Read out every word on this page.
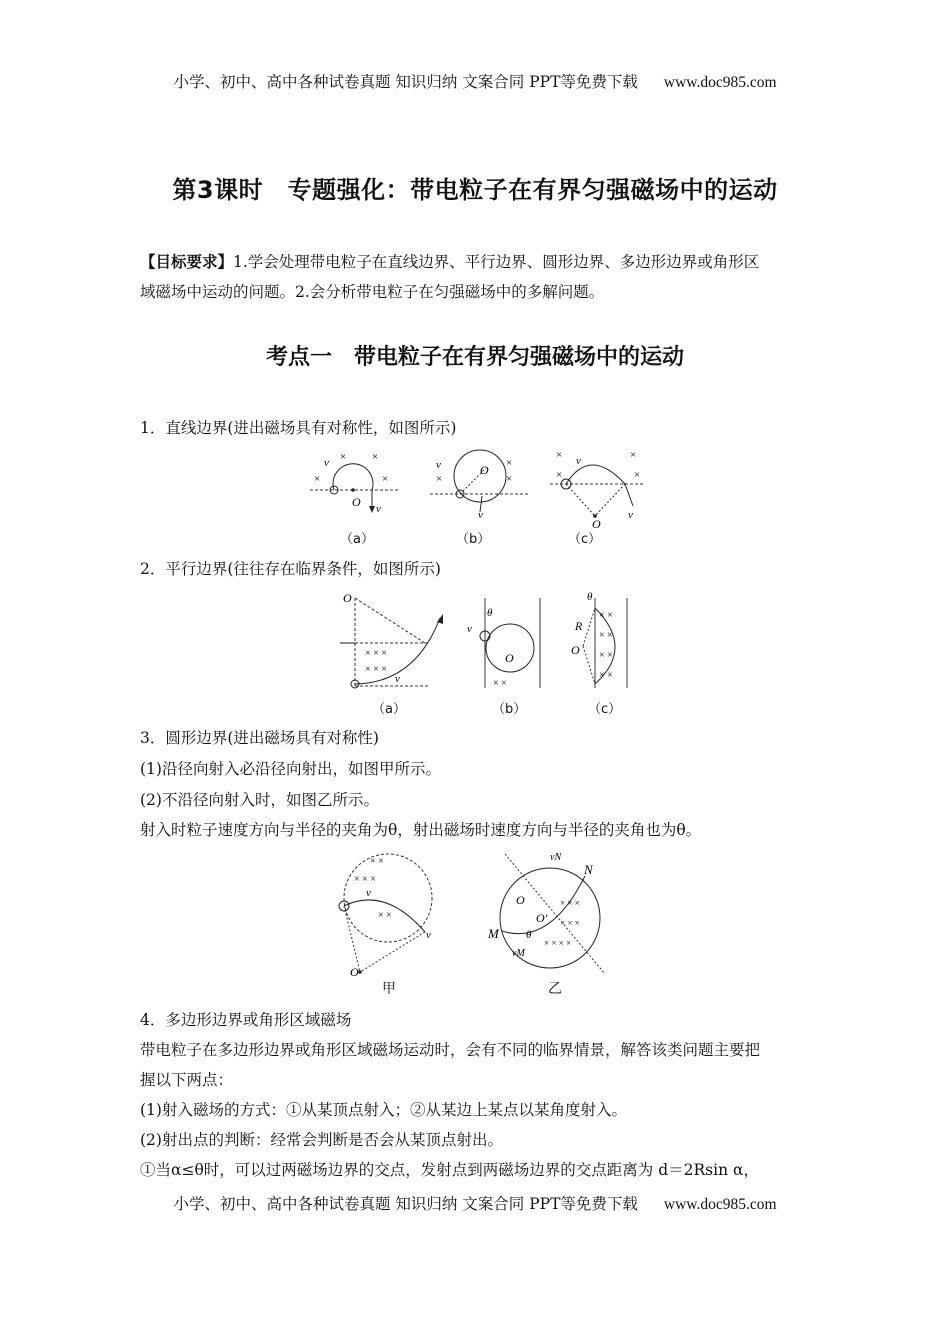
小学、初中、高中各种试卷真题 知识归纳 文案合同 PPT等免费下载 www.doc985.com
第3课时　专题强化：带电粒子在有界匀强磁场中的运动
【目标要求】1.学会处理带电粒子在直线边界、平行边界、圆形边界、多边形边界或角形区
域磁场中运动的问题。2.会分析带电粒子在匀强磁场中的多解问题。
考点一　带电粒子在有界匀强磁场中的运动
1．直线边界(进出磁场具有对称性，如图所示)
× ×
×	×
v
O v
v	O
v
×
×
×
O
v
v
×	×
×	×
（a）	（b）	（c）
2．平行边界(往往存在临界条件，如图所示)
O
v
× × ×
× × ×
v
O
θ
× ×
R
O
θ
× ×
× ×
× ×
× ×
（a）	（b）	（c）
3．圆形边界(进出磁场具有对称性)
(1)沿径向射入必沿径向射出，如图甲所示。
(2)不沿径向射入时，如图乙所示。
射入时粒子速度方向与半径的夹角为θ，射出磁场时速度方向与半径的夹角也为θ。
O
v
v
× ×
× × ×
× ×
M
N
O
O'
vN
vM
θ
× × ×
× × ×
× × × ×
甲	乙
4．多边形边界或角形区域磁场
带电粒子在多边形边界或角形区域磁场运动时，会有不同的临界情景，解答该类问题主要把
握以下两点：
(1)射入磁场的方式：①从某顶点射入；②从某边上某点以某角度射入。
(2)射出点的判断：经常会判断是否会从某顶点射出。
①当α≤θ时，可以过两磁场边界的交点，发射点到两磁场边界的交点距离为 d＝2Rsin α，
小学、初中、高中各种试卷真题 知识归纳 文案合同 PPT等免费下载 www.doc985.com
